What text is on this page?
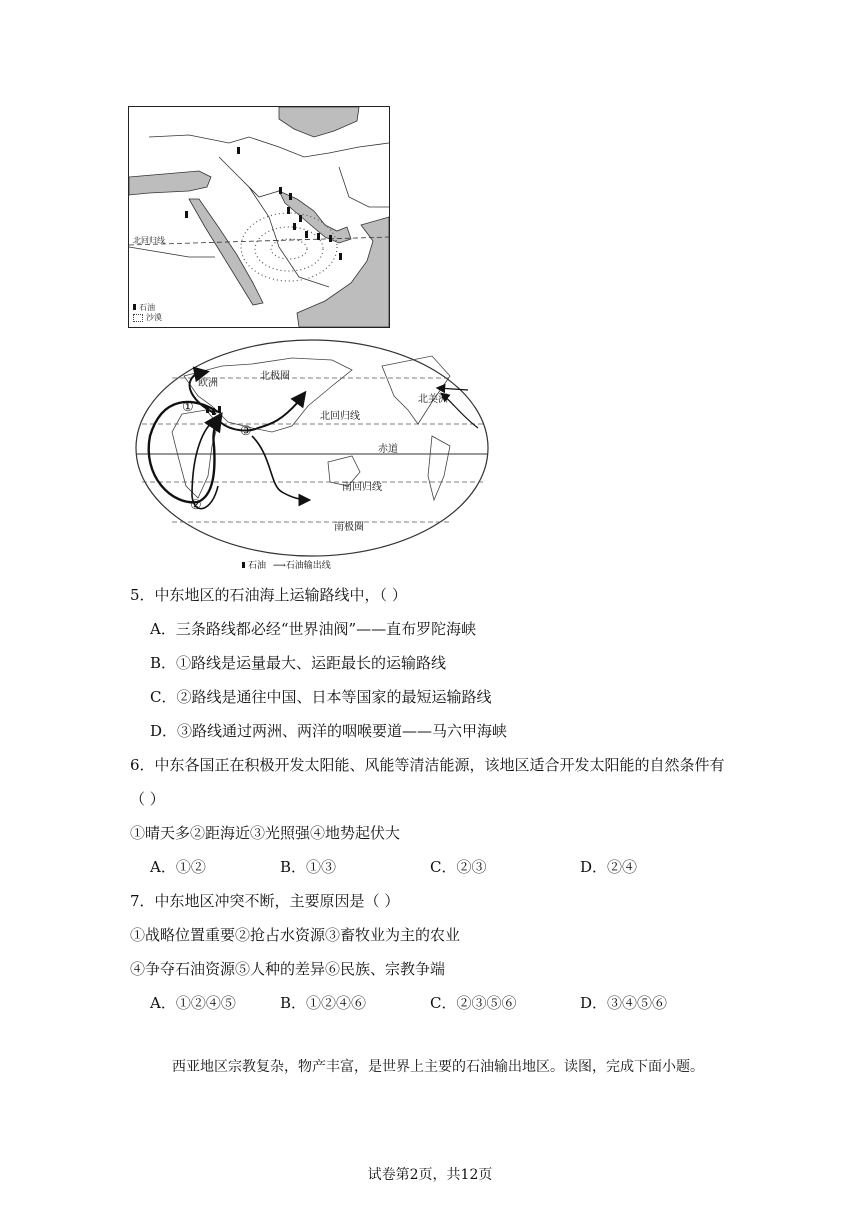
北回归线
石油
沙漠
北极圈
欧洲
北美洲
北回归线
赤道
南回归线
南极圈
①
②
③
石油 ⟶石油输出线
5．中东地区的石油海上运输路线中，（ ）
A．三条路线都必经“世界油阀”——直布罗陀海峡
B．①路线是运量最大、运距最长的运输路线
C．②路线是通往中国、日本等国家的最短运输路线
D．③路线通过两洲、两洋的咽喉要道——马六甲海峡
6．中东各国正在积极开发太阳能、风能等清洁能源，该地区适合开发太阳能的自然条件有
（ ）
①晴天多②距海近③光照强④地势起伏大
A．①②	B．①③	C．②③	D．②④
7．中东地区冲突不断，主要原因是（ ）
①战略位置重要②抢占水资源③畜牧业为主的农业
④争夺石油资源⑤人种的差异⑥民族、宗教争端
A．①②④⑤	B．①②④⑥	C．②③⑤⑥	D．③④⑤⑥
西亚地区宗教复杂，物产丰富，是世界上主要的石油输出地区。读图，完成下面小题。
试卷第2页，共12页
